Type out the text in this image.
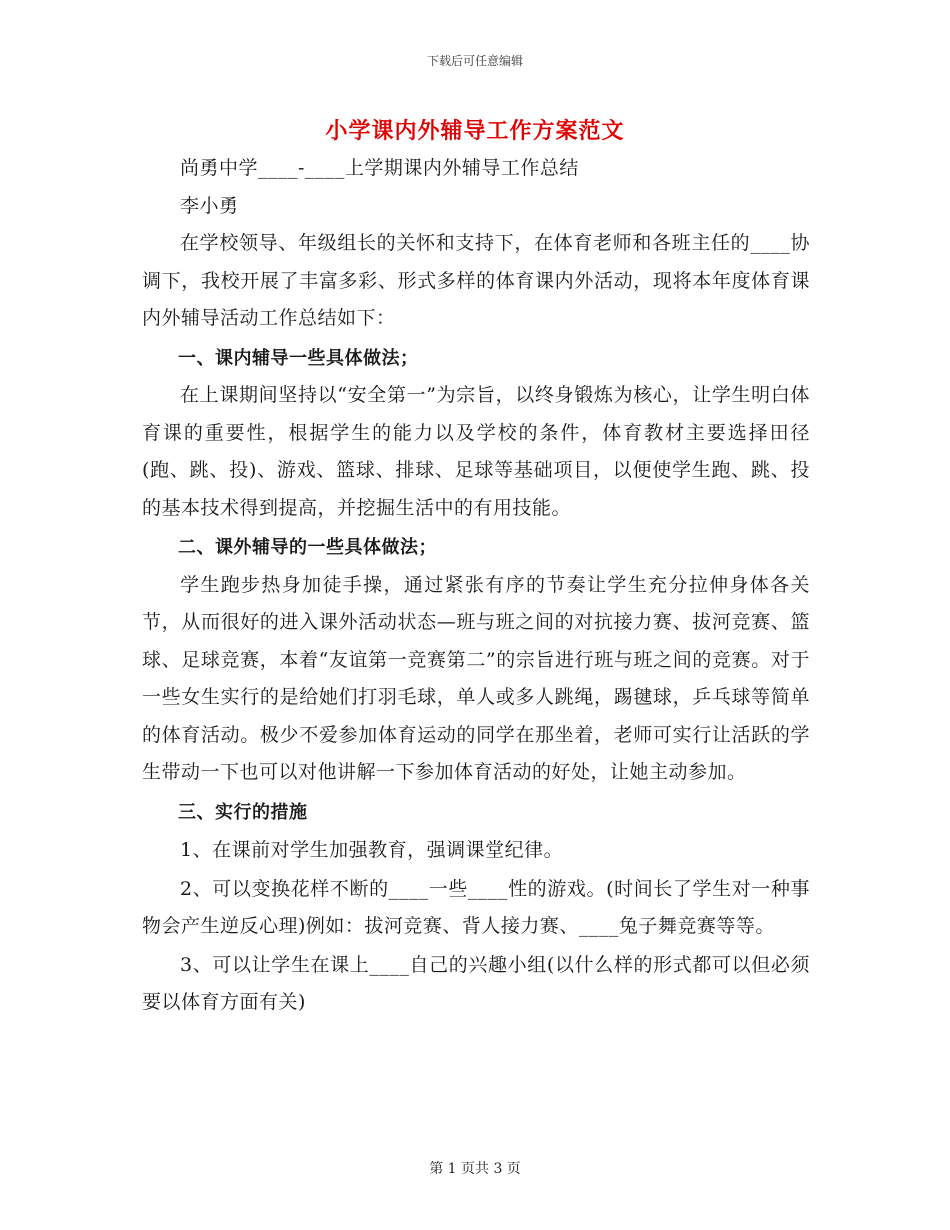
下载后可任意编辑
小学课内外辅导工作方案范文

尚勇中学____-____上学期课内外辅导工作总结

李小勇

在学校领导、年级组长的关怀和支持下，在体育老师和各班主任的____协调下，我校开展了丰富多彩、形式多样的体育课内外活动，现将本年度体育课内外辅导活动工作总结如下：

一、课内辅导一些具体做法；

在上课期间坚持以“安全第一”为宗旨，以终身锻炼为核心，让学生明白体育课的重要性，根据学生的能力以及学校的条件，体育教材主要选择田径(跑、跳、投)、游戏、篮球、排球、足球等基础项目，以便使学生跑、跳、投的基本技术得到提高，并挖掘生活中的有用技能。

二、课外辅导的一些具体做法；

学生跑步热身加徒手操，通过紧张有序的节奏让学生充分拉伸身体各关节，从而很好的进入课外活动状态—班与班之间的对抗接力赛、拔河竞赛、篮球、足球竞赛，本着“友谊第一竞赛第二”的宗旨进行班与班之间的竞赛。对于一些女生实行的是给她们打羽毛球，单人或多人跳绳，踢毽球，乒乓球等简单的体育活动。极少不爱参加体育运动的同学在那坐着，老师可实行让活跃的学生带动一下也可以对他讲解一下参加体育活动的好处，让她主动参加。

三、实行的措施

1、在课前对学生加强教育，强调课堂纪律。

2、可以变换花样不断的____一些____性的游戏。(时间长了学生对一种事物会产生逆反心理)例如：拔河竞赛、背人接力赛、____兔子舞竞赛等等。

3、可以让学生在课上____自己的兴趣小组(以什么样的形式都可以但必须要以体育方面有关)

第 1 页共 3 页
